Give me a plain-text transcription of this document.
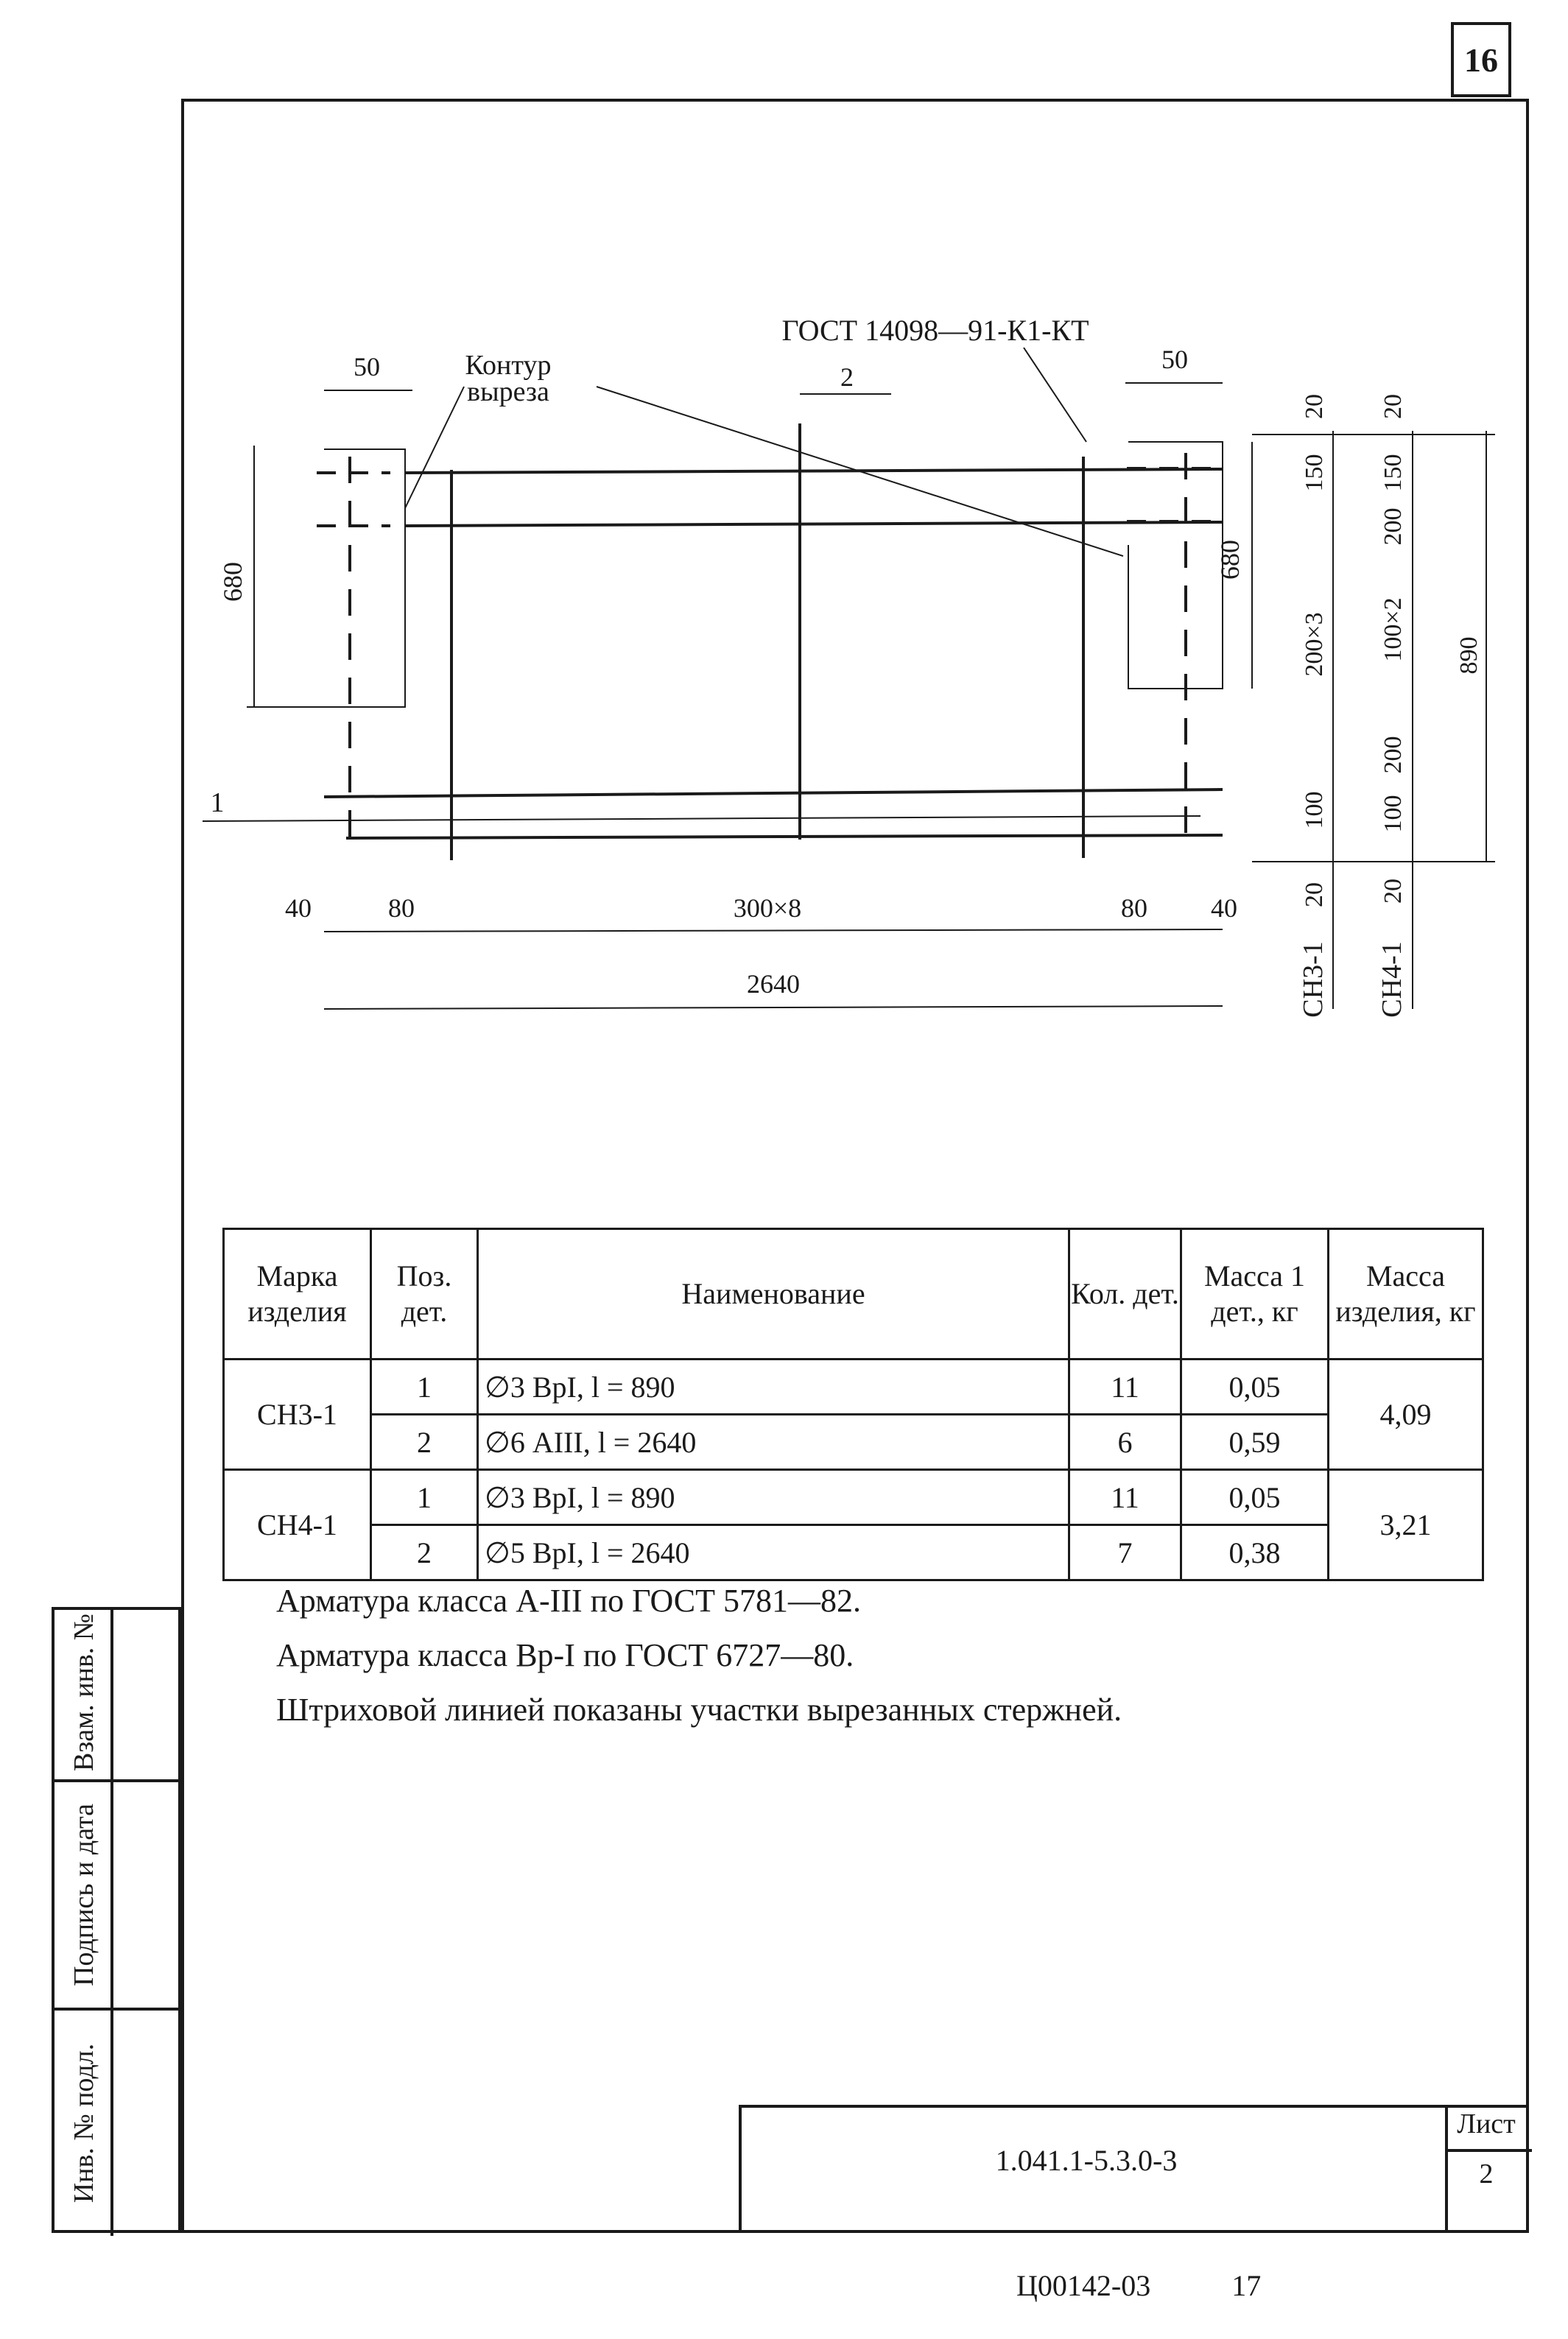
16
ГОСТ 14098—91-К1-КТ
Контур
выреза	2
1
50	50
680
680
40	80	300×8	80 40
2640
20
150
200×3
100
20
СН3-1
20
150
200
100×2
200
100
20
СН4-1
890
Марка изделия	Поз. дет.	Наименование	Кол. дет.	Масса 1 дет., кг	Масса изделия, кг
СН3-1	1	∅3 ВрI, l = 890	11	0,05	4,09
	2	∅6 АIII, l = 2640	6	0,59	
СН4-1	1	∅3 ВрI, l = 890	11	0,05	3,21
	2	∅5 ВрI, l = 2640	7	0,38	
Арматура класса А-III по ГОСТ 5781—82.
Арматура класса Вр-I по ГОСТ 6727—80.
Штриховой линией показаны участки вырезанных стержней.
Взам. инв. №
Подпись и дата
Инв. № подл.	1.041.1-5.3.0-3
Лист
2
Ц00142-03	17
